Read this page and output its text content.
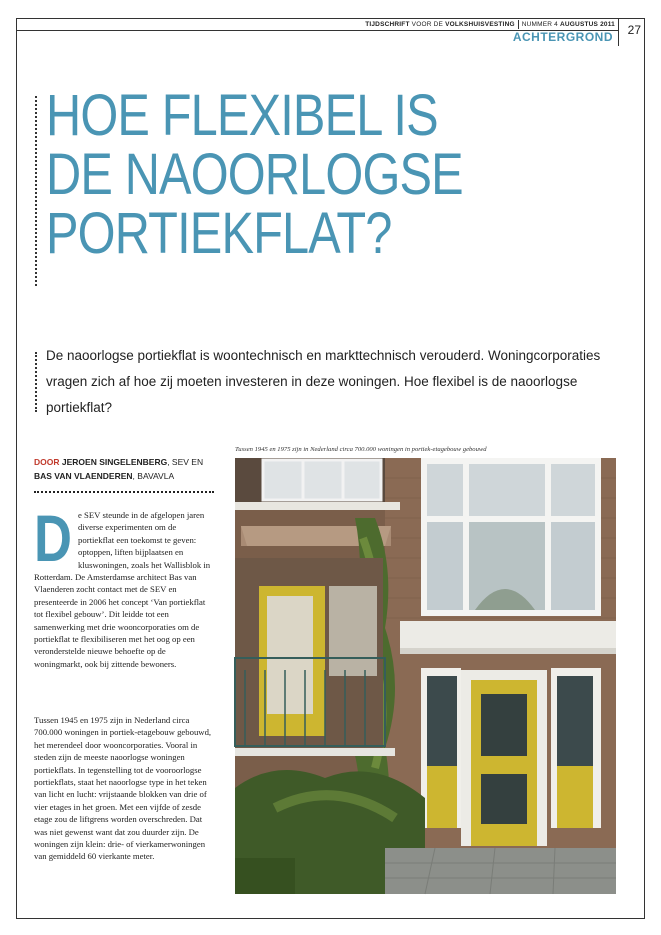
TIJDSCHRIFT VOOR DE VOLKSHUISVESTING NUMMER 4 AUGUSTUS 2011
ACHTERGROND 27
HOE FLEXIBEL IS
DE NAOORLOGSE
PORTIEKFLAT?
De naoorlogse portiekflat is woontechnisch en markttechnisch verouderd. Woningcorporaties vragen zich af hoe zij moeten investeren in deze woningen. Hoe flexibel is de naoorlogse portiekflat?
DOOR JEROEN SINGELENBERG, SEV EN BAS VAN VLAENDEREN, BAVAVLA

D e SEV steunde in de afgelopen jaren diverse experimenten om de portiekflat een toekomst te geven: optoppen, liften bijplaatsen en kluswoningen, zoals het Wallisblok in Rotterdam. De Amsterdamse architect Bas van Vlaenderen zocht contact met de SEV en presenteerde in 2006 het concept ‘Van portiekflat tot flexibel gebouw’. Dit leidde tot een samenwerking met drie wooncorporaties om de portiekflat te flexibiliseren met het oog op een veronderstelde nieuwe behoefte op de woningmarkt, ook bij zittende bewoners.

Tussen 1945 en 1975 zijn in Nederland circa 700.000 woningen in portiek-etagebouw gebouwd, het merendeel door wooncorporaties. Vooral in steden zijn de meeste naoorlogse woningen portiekflats. In tegenstelling tot de vooroorlogse portiekflats, staat het naoorlogse type in het teken van licht en lucht: vrijstaande blokken van drie of vier etages in het groen. Met een vijfde of zesde etage zou de liftgrens worden overschreden. Dat was niet gewenst want dat zou duurder zijn. De woningen zijn klein: drie- of vierkamerwoningen van gemiddeld 60 vierkante meter.

Tussen 1945 en 1975 zijn in Nederland circa 700.000 woningen in portiek-etagebouw gebouwd
